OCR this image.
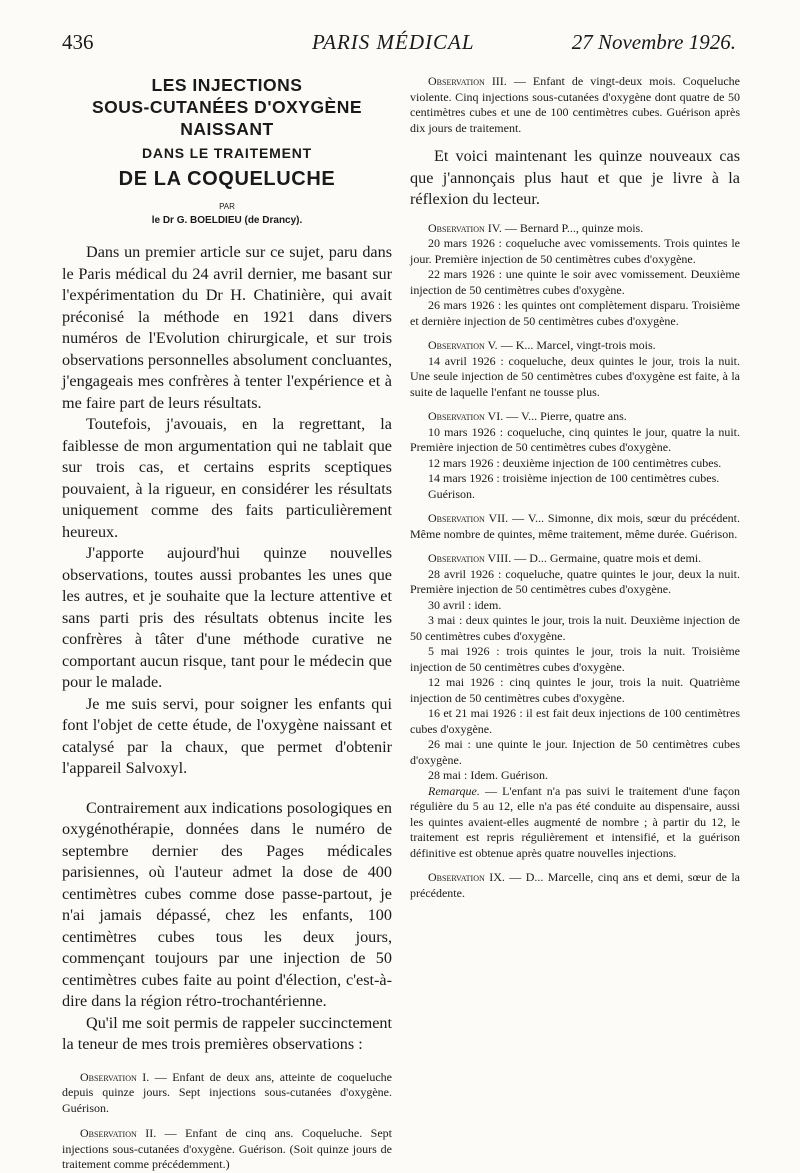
436	PARIS MÉDICAL	27 Novembre 1926.
LES INJECTIONS
SOUS-CUTANÉES D'OXYGÈNE
NAISSANT
DANS LE TRAITEMENT
DE LA COQUELUCHE
PAR
le Dr G. BOELDIEU (de Drancy).

Dans un premier article sur ce sujet, paru dans le Paris médical du 24 avril dernier, me basant sur l'expérimentation du Dr H. Chatinière, qui avait préconisé la méthode en 1921 dans divers numéros de l'Evolution chirurgicale, et sur trois observations personnelles absolument concluantes, j'engageais mes confrères à tenter l'expérience et à me faire part de leurs résultats.

Toutefois, j'avouais, en la regrettant, la faiblesse de mon argumentation qui ne tablait que sur trois cas, et certains esprits sceptiques pouvaient, à la rigueur, en considérer les résultats uniquement comme des faits particulièrement heureux.

J'apporte aujourd'hui quinze nouvelles observations, toutes aussi probantes les unes que les autres, et je souhaite que la lecture attentive et sans parti pris des résultats obtenus incite les confrères à tâter d'une méthode curative ne comportant aucun risque, tant pour le médecin que pour le malade.

Je me suis servi, pour soigner les enfants qui font l'objet de cette étude, de l'oxygène naissant et catalysé par la chaux, que permet d'obtenir l'appareil Salvoxyl.

Contrairement aux indications posologiques en oxygénothérapie, données dans le numéro de septembre dernier des Pages médicales parisiennes, où l'auteur admet la dose de 400 centimètres cubes comme dose passe-partout, je n'ai jamais dépassé, chez les enfants, 100 centimètres cubes tous les deux jours, commençant toujours par une injection de 50 centimètres cubes faite au point d'élection, c'est-à-dire dans la région rétro-trochantérienne.

Qu'il me soit permis de rappeler succinctement la teneur de mes trois premières observations :

Observation I. — Enfant de deux ans, atteinte de coqueluche depuis quinze jours. Sept injections sous-cutanées d'oxygène. Guérison.

Observation II. — Enfant de cinq ans. Coqueluche. Sept injections sous-cutanées d'oxygène. Guérison. (Soit quinze jours de traitement comme précédemment.)

Observation III. — Enfant de vingt-deux mois. Coqueluche violente. Cinq injections sous-cutanées d'oxygène dont quatre de 50 centimètres cubes et une de 100 centimètres cubes. Guérison après dix jours de traitement.

Et voici maintenant les quinze nouveaux cas que j'annonçais plus haut et que je livre à la réflexion du lecteur.

Observation IV. — Bernard P..., quinze mois.

20 mars 1926 : coqueluche avec vomissements. Trois quintes le jour. Première injection de 50 centimètres cubes d'oxygène.

22 mars 1926 : une quinte le soir avec vomissement. Deuxième injection de 50 centimètres cubes d'oxygène.

26 mars 1926 : les quintes ont complètement disparu. Troisième et dernière injection de 50 centimètres cubes d'oxygène.

Observation V. — K... Marcel, vingt-trois mois.

14 avril 1926 : coqueluche, deux quintes le jour, trois la nuit. Une seule injection de 50 centimètres cubes d'oxygène est faite, à la suite de laquelle l'enfant ne tousse plus.

Observation VI. — V... Pierre, quatre ans.

10 mars 1926 : coqueluche, cinq quintes le jour, quatre la nuit. Première injection de 50 centimètres cubes d'oxygène.

12 mars 1926 : deuxième injection de 100 centimètres cubes.

14 mars 1926 : troisième injection de 100 centimètres cubes.

Guérison.

Observation VII. — V... Simonne, dix mois, sœur du précédent. Même nombre de quintes, même traitement, même durée. Guérison.

Observation VIII. — D... Germaine, quatre mois et demi.

28 avril 1926 : coqueluche, quatre quintes le jour, deux la nuit. Première injection de 50 centimètres cubes d'oxygène.

30 avril : idem.

3 mai : deux quintes le jour, trois la nuit. Deuxième injection de 50 centimètres cubes d'oxygène.

5 mai 1926 : trois quintes le jour, trois la nuit. Troisième injection de 50 centimètres cubes d'oxygène.

12 mai 1926 : cinq quintes le jour, trois la nuit. Quatrième injection de 50 centimètres cubes d'oxygène.

16 et 21 mai 1926 : il est fait deux injections de 100 centimètres cubes d'oxygène.

26 mai : une quinte le jour. Injection de 50 centimètres cubes d'oxygène.

28 mai : Idem. Guérison.

Remarque. — L'enfant n'a pas suivi le traitement d'une façon régulière du 5 au 12, elle n'a pas été conduite au dispensaire, aussi les quintes avaient-elles augmenté de nombre ; à partir du 12, le traitement est repris régulièrement et intensifié, et la guérison définitive est obtenue après quatre nouvelles injections.

Observation IX. — D... Marcelle, cinq ans et demi, sœur de la précédente.
